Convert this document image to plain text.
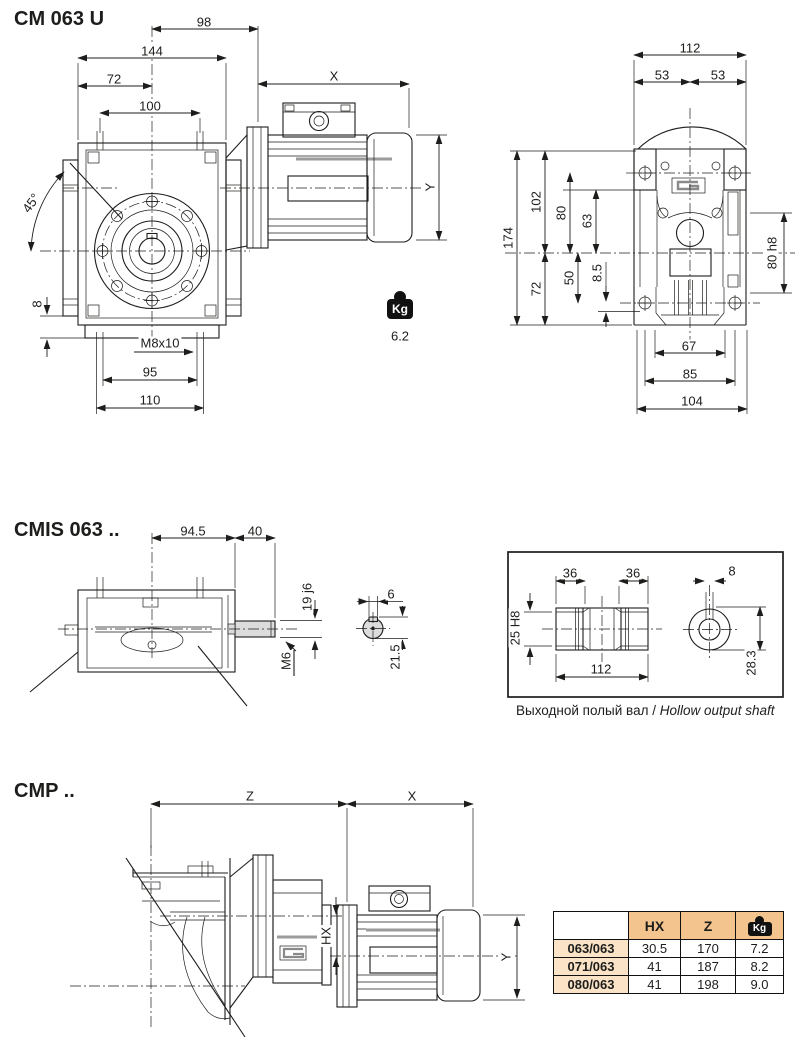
CM 063 U
CMIS 063 ..
CMP ..
98
144
72
100
X
Y
45°
8
M8x10
95
110
112
53	53
174
102
80
63
72
50 8.5
80 h8
67
85
104
Kg
6.2
94.5	40
19 j6
M6
6
21.5
36	36	8
25 H8
112	28.3
Выходной полый вал / Hollow output shaft
Z	X
HX
Y
	HX	Z	Kg

063/063	30.5	170	7.2
071/063	41	187	8.2
080/063	41	198	9.0
